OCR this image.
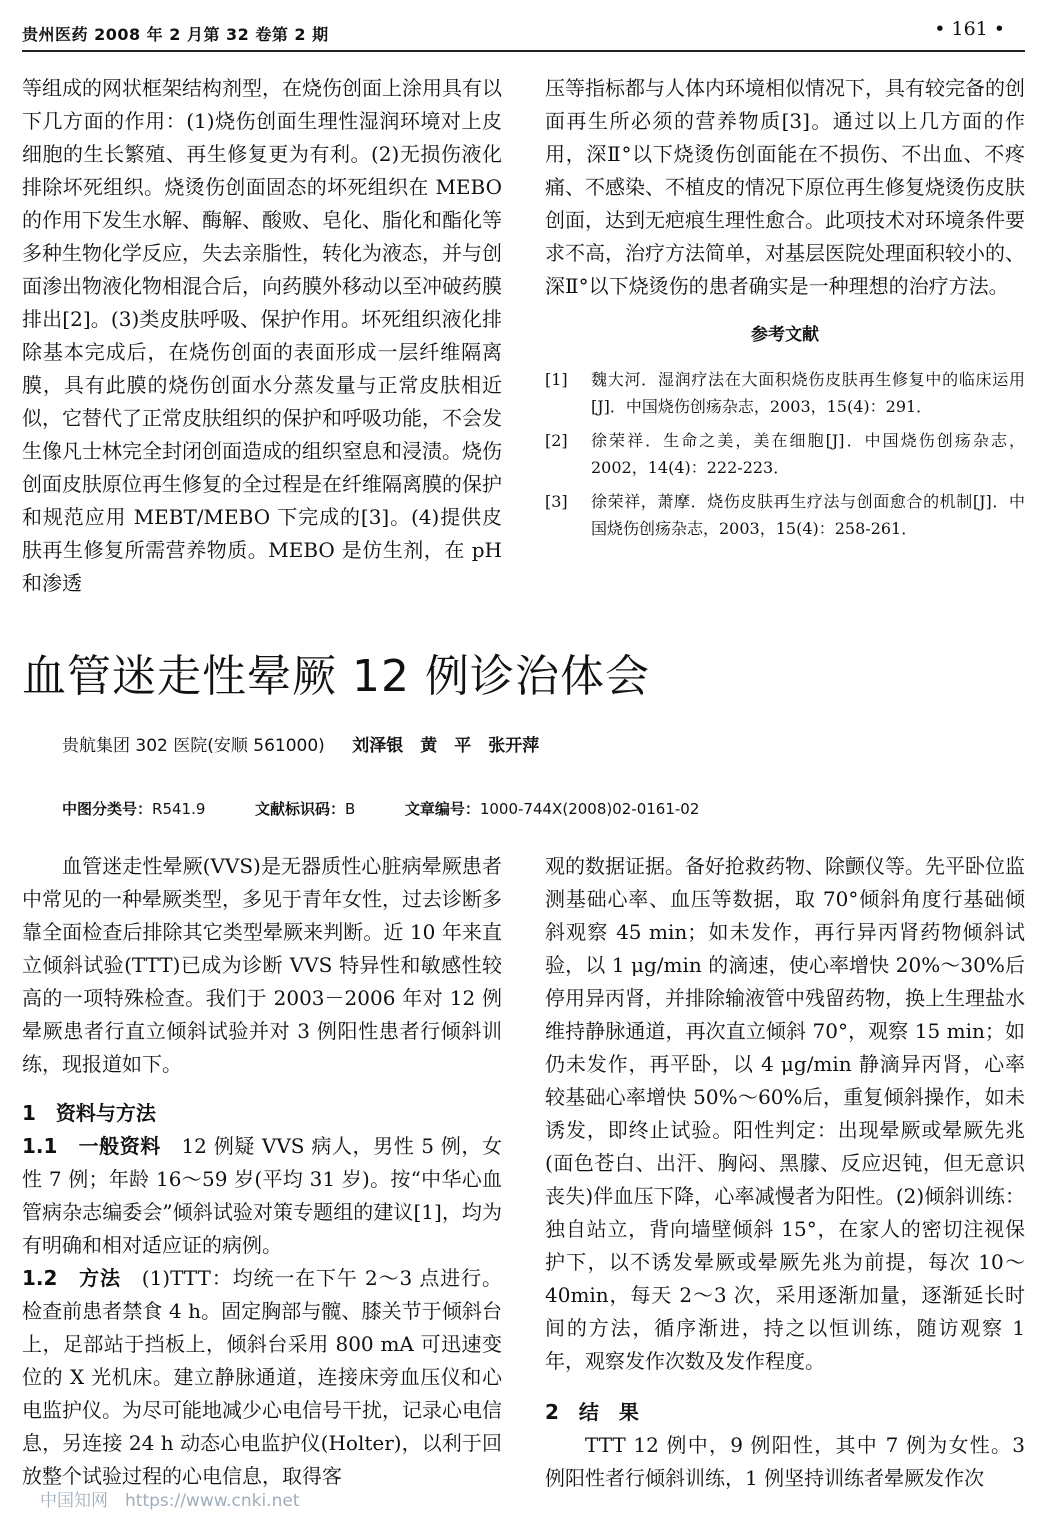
贵州医药 2008 年 2 月第 32 卷第 2 期	• 161 •

等组成的网状框架结构剂型，在烧伤创面上涂用具有以下几方面的作用：(1)烧伤创面生理性湿润环境对上皮细胞的生长繁殖、再生修复更为有利。(2)无损伤液化排除坏死组织。烧烫伤创面固态的坏死组织在 MEBO 的作用下发生水解、酶解、酸败、皂化、脂化和酯化等多种生物化学反应，失去亲脂性，转化为液态，并与创面渗出物液化物相混合后，向药膜外移动以至冲破药膜排出[2]。(3)类皮肤呼吸、保护作用。坏死组织液化排除基本完成后，在烧伤创面的表面形成一层纤维隔离膜，具有此膜的烧伤创面水分蒸发量与正常皮肤相近似，它替代了正常皮肤组织的保护和呼吸功能，不会发生像凡士林完全封闭创面造成的组织窒息和浸渍。烧伤创面皮肤原位再生修复的全过程是在纤维隔离膜的保护和规范应用 MEBT/MEBO 下完成的[3]。(4)提供皮肤再生修复所需营养物质。MEBO 是仿生剂，在 pH 和渗透

压等指标都与人体内环境相似情况下，具有较完备的创面再生所必须的营养物质[3]。通过以上几方面的作用，深Ⅱ°以下烧烫伤创面能在不损伤、不出血、不疼痛、不感染、不植皮的情况下原位再生修复烧烫伤皮肤创面，达到无疤痕生理性愈合。此项技术对环境条件要求不高，治疗方法简单，对基层医院处理面积较小的、深Ⅱ°以下烧烫伤的患者确实是一种理想的治疗方法。

参考文献
[1]	魏大河．湿润疗法在大面积烧伤皮肤再生修复中的临床运用[J]．中国烧伤创疡杂志，2003，15(4)：291．
[2]	徐荣祥．生命之美，美在细胞[J]．中国烧伤创疡杂志，2002，14(4)：222-223．
[3]	徐荣祥，萧摩．烧伤皮肤再生疗法与创面愈合的机制[J]．中国烧伤创疡杂志，2003，15(4)：258-261．
血管迷走性晕厥 12 例诊治体会
贵航集团 302 医院(安顺 561000) 刘泽银　黄　平　张开萍
中图分类号：R541.9	文献标识码：B	文章编号：1000-744X(2008)02-0161-02

血管迷走性晕厥(VVS)是无器质性心脏病晕厥患者中常见的一种晕厥类型，多见于青年女性，过去诊断多靠全面检查后排除其它类型晕厥来判断。近 10 年来直立倾斜试验(TTT)已成为诊断 VVS 特异性和敏感性较高的一项特殊检查。我们于 2003－2006 年对 12 例晕厥患者行直立倾斜试验并对 3 例阳性患者行倾斜训练，现报道如下。

1　资料与方法

1.1　一般资料　 12 例疑 VVS 病人，男性 5 例，女性 7 例；年龄 16～59 岁(平均 31 岁)。按“中华心血管病杂志编委会”倾斜试验对策专题组的建议[1]，均为有明确和相对适应证的病例。

1.2　方法　 (1)TTT：均统一在下午 2～3 点进行。检查前患者禁食 4 h。固定胸部与髋、膝关节于倾斜台上，足部站于挡板上，倾斜台采用 800 mA 可迅速变位的 X 光机床。建立静脉通道，连接床旁血压仪和心电监护仪。为尽可能地减少心电信号干扰，记录心电信息，另连接 24 h 动态心电监护仪(Holter)，以利于回放整个试验过程的心电信息，取得客

观的数据证据。备好抢救药物、除颤仪等。先平卧位监测基础心率、血压等数据，取 70°倾斜角度行基础倾斜观察 45 min；如未发作，再行异丙肾药物倾斜试验，以 1 μg/min 的滴速，使心率增快 20%～30%后停用异丙肾，并排除输液管中残留药物，换上生理盐水维持静脉通道，再次直立倾斜 70°，观察 15 min；如仍未发作，再平卧，以 4 μg/min 静滴异丙肾，心率较基础心率增快 50%～60%后，重复倾斜操作，如未诱发，即终止试验。阳性判定：出现晕厥或晕厥先兆(面色苍白、出汗、胸闷、黑朦、反应迟钝，但无意识丧失)伴血压下降，心率减慢者为阳性。(2)倾斜训练：独自站立，背向墙壁倾斜 15°，在家人的密切注视保护下，以不诱发晕厥或晕厥先兆为前提，每次 10～40min，每天 2～3 次，采用逐渐加量，逐渐延长时间的方法，循序渐进，持之以恒训练，随访观察 1 年，观察发作次数及发作程度。

2　结　果

TTT 12 例中，9 例阳性，其中 7 例为女性。3 例阳性者行倾斜训练，1 例坚持训练者晕厥发作次

中国知网　https://www.cnki.net
